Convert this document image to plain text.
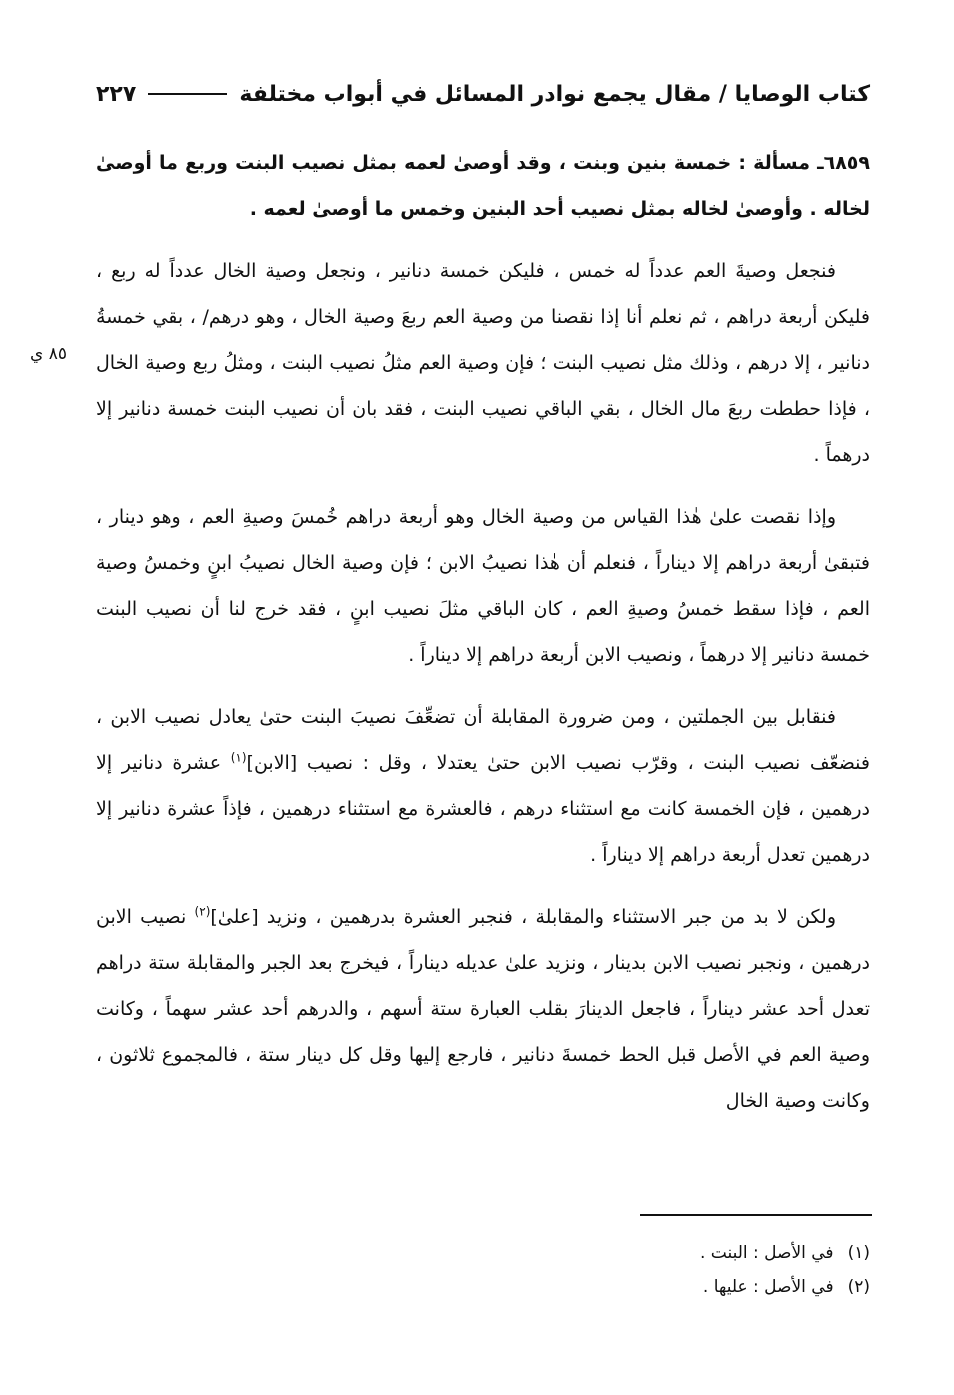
كتاب الوصايا / مقال يجمع نوادر المسائل في أبواب مختلفة
٢٢٧
٨٥ ي

٦٨٥٩ـ مسألة : خمسة بنين وبنت ، وقد أوصىٰ لعمه بمثل نصيب البنت وربع ما أوصىٰ لخاله . وأوصىٰ لخاله بمثل نصيب أحد البنين وخمس ما أوصىٰ لعمه .

فنجعل وصيةَ العم عدداً له خمس ، فليكن خمسة دنانير ، ونجعل وصية الخال عدداً له ربع ، فليكن أربعة دراهم ، ثم نعلم أنا إذا نقصنا من وصية العم ربعَ وصية الخال ، وهو درهم/ ، بقي خمسةُ دنانير ، إلا درهم ، وذلك مثل نصيب البنت ؛ فإن وصية العم مثلُ نصيب البنت ، ومثلُ ربع وصية الخال ، فإذا حططت ربعَ مال الخال ، بقي الباقي نصيب البنت ، فقد بان أن نصيب البنت خمسة دنانير إلا درهماً .

وإذا نقصت علىٰ هٰذا القياس من وصية الخال وهو أربعة دراهم خُمسَ وصيةِ العم ، وهو دينار ، فتبقىٰ أربعة دراهم إلا ديناراً ، فنعلم أن هٰذا نصيبُ الابن ؛ فإن وصية الخال نصيبُ ابنٍ وخمسُ وصية العم ، فإذا سقط خمسُ وصيةِ العم ، كان الباقي مثلَ نصيب ابنٍ ، فقد خرج لنا أن نصيب البنت خمسة دنانير إلا درهماً ، ونصيب الابن أربعة دراهم إلا ديناراً .

فنقابل بين الجملتين ، ومن ضرورة المقابلة أن تضعِّفَ نصيبَ البنت حتىٰ يعادل نصيب الابن ، فنضعّف نصيب البنت ، وقرّب نصيب الابن حتىٰ يعتدلا ، وقل : نصيب [الابن]$^{(١)}$ عشرة دنانير إلا درهمين ، فإن الخمسة كانت مع استثناء درهم ، فالعشرة مع استثناء درهمين ، فإذاً عشرة دنانير إلا درهمين تعدل أربعة دراهم إلا ديناراً .

ولكن لا بد من جبر الاستثناء والمقابلة ، فنجبر العشرة بدرهمين ، ونزيد [علىٰ]$^{(٢)}$ نصيب الابن درهمين ، ونجبر نصيب الابن بدينار ، ونزيد علىٰ عديله ديناراً ، فيخرج بعد الجبر والمقابلة ستة دراهم تعدل أحد عشر ديناراً ، فاجعل الدينارَ بقلب العبارة ستة أسهم ، والدرهم أحد عشر سهماً ، وكانت وصية العم في الأصل قبل الحط خمسةَ دنانير ، فارجع إليها وقل كل دينار ستة ، فالمجموع ثلاثون ، وكانت وصية الخال

(١)
في الأصل : البنت .
(٢)
في الأصل : عليها .
